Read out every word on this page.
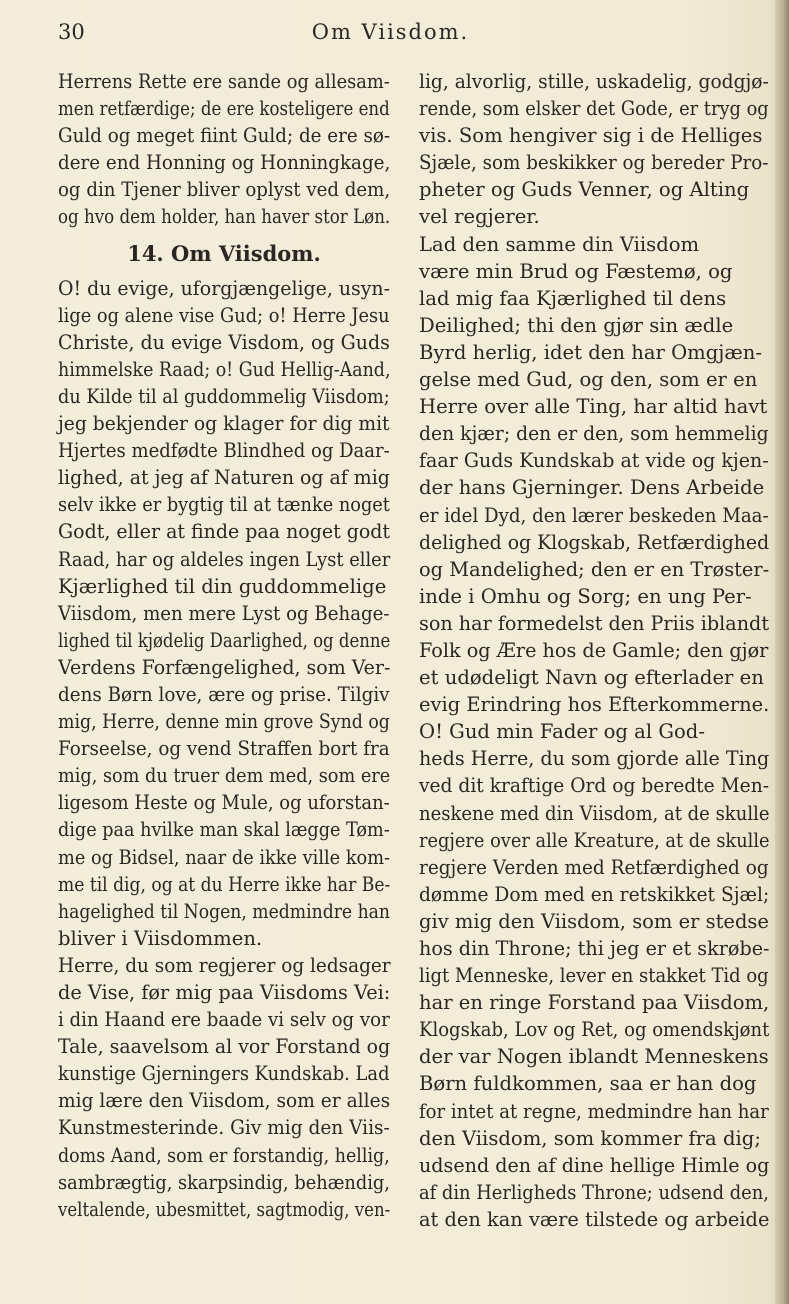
30	Om Viisdom.
Herrens Rette ere sande og allesam-
men retfærdige; de ere kosteligere end
Guld og meget fiint Guld; de ere sø-
dere end Honning og Honningkage,
og din Tjener bliver oplyst ved dem,
og hvo dem holder, han haver stor Løn.
14. Om Viisdom.
O! du evige, uforgjængelige, usyn-
lige og alene vise Gud; o! Herre Jesu
Christe, du evige Visdom, og Guds
himmelske Raad; o! Gud Hellig-Aand,
du Kilde til al guddommelig Viisdom;
jeg bekjender og klager for dig mit
Hjertes medfødte Blindhed og Daar-
lighed, at jeg af Naturen og af mig
selv ikke er bygtig til at tænke noget
Godt, eller at finde paa noget godt
Raad, har og aldeles ingen Lyst eller
Kjærlighed til din guddommelige
Viisdom, men mere Lyst og Behage-
lighed til kjødelig Daarlighed, og denne
Verdens Forfængelighed, som Ver-
dens Børn love, ære og prise. Tilgiv
mig, Herre, denne min grove Synd og
Forseelse, og vend Straffen bort fra
mig, som du truer dem med, som ere
ligesom Heste og Mule, og uforstan-
dige paa hvilke man skal lægge Tøm-
me og Bidsel, naar de ikke ville kom-
me til dig, og at du Herre ikke har Be-
hagelighed til Nogen, medmindre han
bliver i Viisdommen.
Herre, du som regjerer og ledsager
de Vise, før mig paa Viisdoms Vei:
i din Haand ere baade vi selv og vor
Tale, saavelsom al vor Forstand og
kunstige Gjerningers Kundskab. Lad
mig lære den Viisdom, som er alles
Kunstmesterinde. Giv mig den Viis-
doms Aand, som er forstandig, hellig,
sambrægtig, skarpsindig, behændig,
veltalende, ubesmittet, sagtmodig, ven-
lig, alvorlig, stille, uskadelig, godgjø-
rende, som elsker det Gode, er tryg og
vis. Som hengiver sig i de Helliges
Sjæle, som beskikker og bereder Pro-
pheter og Guds Venner, og Alting
vel regjerer.
Lad den samme din Viisdom
være min Brud og Fæstemø, og
lad mig faa Kjærlighed til dens
Deilighed; thi den gjør sin ædle
Byrd herlig, idet den har Omgjæn-
gelse med Gud, og den, som er en
Herre over alle Ting, har altid havt
den kjær; den er den, som hemmelig
faar Guds Kundskab at vide og kjen-
der hans Gjerninger. Dens Arbeide
er idel Dyd, den lærer beskeden Maa-
delighed og Klogskab, Retfærdighed
og Mandelighed; den er en Trøster-
inde i Omhu og Sorg; en ung Per-
son har formedelst den Priis iblandt
Folk og Ære hos de Gamle; den gjør
et udødeligt Navn og efterlader en
evig Erindring hos Efterkommerne.
O! Gud min Fader og al God-
heds Herre, du som gjorde alle Ting
ved dit kraftige Ord og beredte Men-
neskene med din Viisdom, at de skulle
regjere over alle Kreature, at de skulle
regjere Verden med Retfærdighed og
dømme Dom med en retskikket Sjæl;
giv mig den Viisdom, som er stedse
hos din Throne; thi jeg er et skrøbe-
ligt Menneske, lever en stakket Tid og
har en ringe Forstand paa Viisdom,
Klogskab, Lov og Ret, og omendskjønt
der var Nogen iblandt Menneskens
Børn fuldkommen, saa er han dog
for intet at regne, medmindre han har
den Viisdom, som kommer fra dig;
udsend den af dine hellige Himle og
af din Herligheds Throne; udsend den,
at den kan være tilstede og arbeide
